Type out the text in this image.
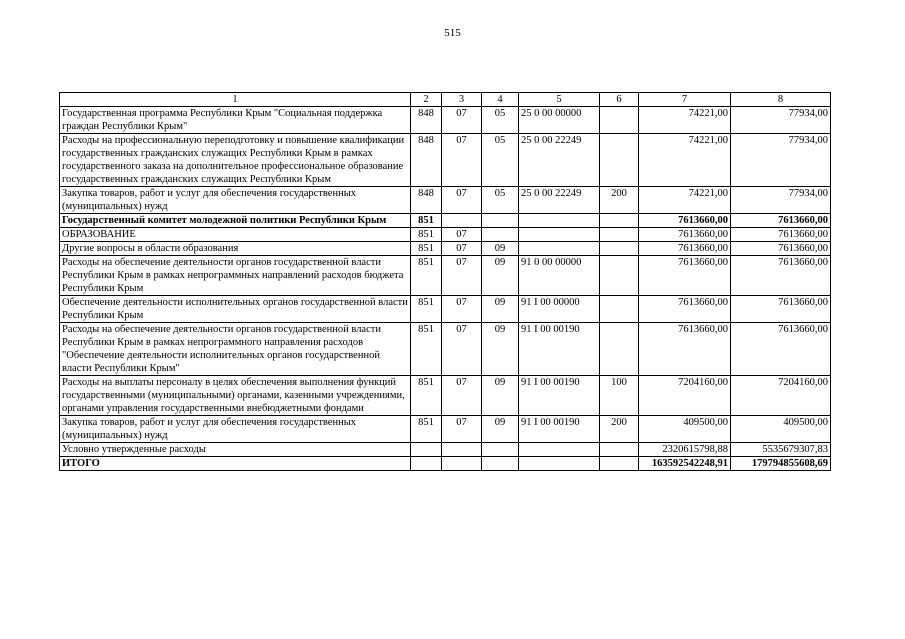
515
1	2	3	4	5	6	7	8
Государственная программа Республики Крым "Социальная поддержка граждан Республики Крым"	848	07	05	25 0 00 00000		74221,00	77934,00
Расходы на профессиональную переподготовку и повышение квалификации государственных гражданских служащих Республики Крым в рамках государственного заказа на дополнительное профессиональное образование государственных гражданских служащих Республики Крым	848	07	05	25 0 00 22249		74221,00	77934,00
Закупка товаров, работ и услуг для обеспечения государственных (муниципальных) нужд	848	07	05	25 0 00 22249	200	74221,00	77934,00
Государственный комитет молодежной политики Республики Крым	851					7613660,00	7613660,00
ОБРАЗОВАНИЕ	851	07				7613660,00	7613660,00
Другие вопросы в области образования	851	07	09			7613660,00	7613660,00
Расходы на обеспечение деятельности органов государственной власти Республики Крым в рамках непрограммных направлений расходов бюджета Республики Крым	851	07	09	91 0 00 00000		7613660,00	7613660,00
Обеспечение деятельности исполнительных органов государственной власти Республики Крым	851	07	09	91 I 00 00000		7613660,00	7613660,00
Расходы на обеспечение деятельности органов государственной власти Республики Крым в рамках непрограммного направления расходов "Обеспечение деятельности исполнительных органов государственной власти Республики Крым"	851	07	09	91 I 00 00190		7613660,00	7613660,00
Расходы на выплаты персоналу в целях обеспечения выполнения функций государственными (муниципальными) органами, казенными учреждениями, органами управления государственными внебюджетными фондами	851	07	09	91 I 00 00190	100	7204160,00	7204160,00
Закупка товаров, работ и услуг для обеспечения государственных (муниципальных) нужд	851	07	09	91 I 00 00190	200	409500,00	409500,00
Условно утвержденные расходы						2320615798,88	5535679307,83
ИТОГО						163592542248,91	179794855608,69
